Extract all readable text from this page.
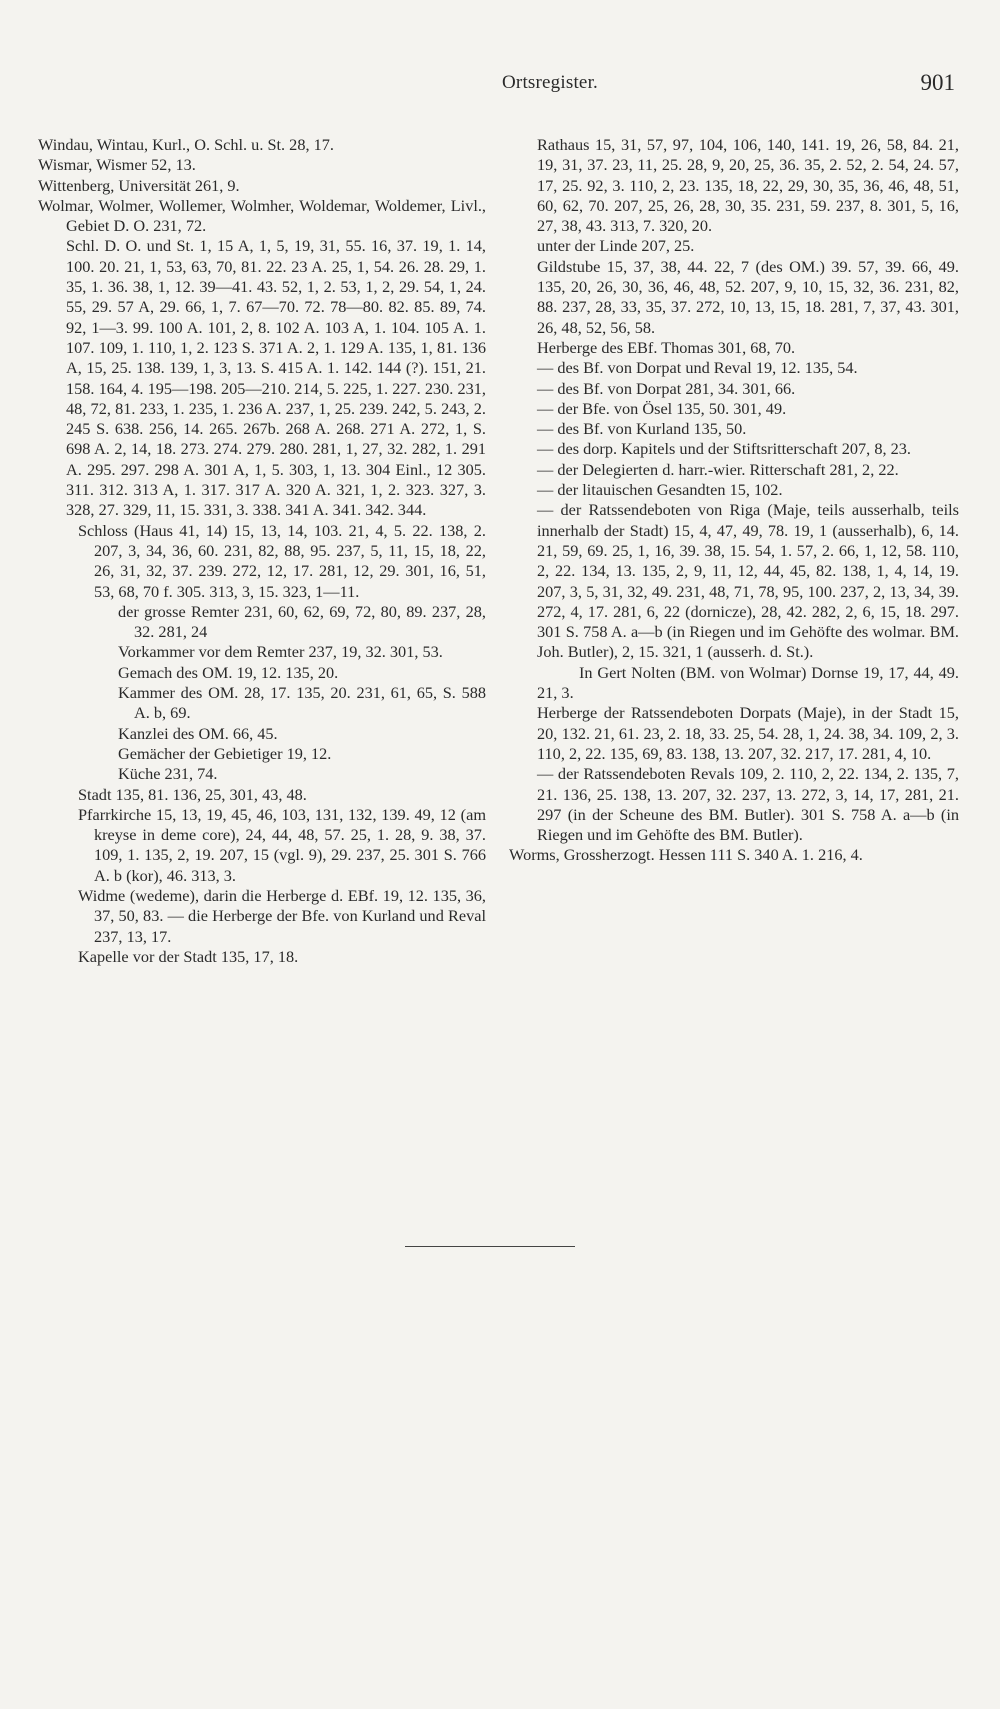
Ortsregister.	901

Windau, Wintau, Kurl., O. Schl. u. St. 28, 17.

Wismar, Wismer 52, 13.

Wittenberg, Universität 261, 9.

Wolmar, Wolmer, Wollemer, Wolmher, Woldemar, Woldemer, Livl., Gebiet D. O. 231, 72.

Schl. D. O. und St. 1, 15 A, 1, 5, 19, 31, 55. 16, 37. 19, 1. 14, 100. 20. 21, 1, 53, 63, 70, 81. 22. 23 A. 25, 1, 54. 26. 28. 29, 1. 35, 1. 36. 38, 1, 12. 39—41. 43. 52, 1, 2. 53, 1, 2, 29. 54, 1, 24. 55, 29. 57 A, 29. 66, 1, 7. 67—70. 72. 78—80. 82. 85. 89, 74. 92, 1—3. 99. 100 A. 101, 2, 8. 102 A. 103 A, 1. 104. 105 A. 1. 107. 109, 1. 110, 1, 2. 123 S. 371 A. 2, 1. 129 A. 135, 1, 81. 136 A, 15, 25. 138. 139, 1, 3, 13. S. 415 A. 1. 142. 144 (?). 151, 21. 158. 164, 4. 195—198. 205—210. 214, 5. 225, 1. 227. 230. 231, 48, 72, 81. 233, 1. 235, 1. 236 A. 237, 1, 25. 239. 242, 5. 243, 2. 245 S. 638. 256, 14. 265. 267b. 268 A. 268. 271 A. 272, 1, S. 698 A. 2, 14, 18. 273. 274. 279. 280. 281, 1, 27, 32. 282, 1. 291 A. 295. 297. 298 A. 301 A, 1, 5. 303, 1, 13. 304 Einl., 12 305. 311. 312. 313 A, 1. 317. 317 A. 320 A. 321, 1, 2. 323. 327, 3. 328, 27. 329, 11, 15. 331, 3. 338. 341 A. 341. 342. 344.

Schloss (Haus 41, 14) 15, 13, 14, 103. 21, 4, 5. 22. 138, 2. 207, 3, 34, 36, 60. 231, 82, 88, 95. 237, 5, 11, 15, 18, 22, 26, 31, 32, 37. 239. 272, 12, 17. 281, 12, 29. 301, 16, 51, 53, 68, 70 f. 305. 313, 3, 15. 323, 1—11.

der grosse Remter 231, 60, 62, 69, 72, 80, 89. 237, 28, 32. 281, 24

Vorkammer vor dem Remter 237, 19, 32. 301, 53.

Gemach des OM. 19, 12. 135, 20.

Kammer des OM. 28, 17. 135, 20. 231, 61, 65, S. 588 A. b, 69.

Kanzlei des OM. 66, 45.

Gemächer der Gebietiger 19, 12.

Küche 231, 74.

Stadt 135, 81. 136, 25, 301, 43, 48.

Pfarrkirche 15, 13, 19, 45, 46, 103, 131, 132, 139. 49, 12 (am kreyse in deme core), 24, 44, 48, 57. 25, 1. 28, 9. 38, 37. 109, 1. 135, 2, 19. 207, 15 (vgl. 9), 29. 237, 25. 301 S. 766 A. b (kor), 46. 313, 3.

Widme (wedeme), darin die Herberge d. EBf. 19, 12. 135, 36, 37, 50, 83. — die Herberge der Bfe. von Kurland und Reval 237, 13, 17.

Kapelle vor der Stadt 135, 17, 18.

Rathaus 15, 31, 57, 97, 104, 106, 140, 141. 19, 26, 58, 84. 21, 19, 31, 37. 23, 11, 25. 28, 9, 20, 25, 36. 35, 2. 52, 2. 54, 24. 57, 17, 25. 92, 3. 110, 2, 23. 135, 18, 22, 29, 30, 35, 36, 46, 48, 51, 60, 62, 70. 207, 25, 26, 28, 30, 35. 231, 59. 237, 8. 301, 5, 16, 27, 38, 43. 313, 7. 320, 20.

unter der Linde 207, 25.

Gildstube 15, 37, 38, 44. 22, 7 (des OM.) 39. 57, 39. 66, 49. 135, 20, 26, 30, 36, 46, 48, 52. 207, 9, 10, 15, 32, 36. 231, 82, 88. 237, 28, 33, 35, 37. 272, 10, 13, 15, 18. 281, 7, 37, 43. 301, 26, 48, 52, 56, 58.

Herberge des EBf. Thomas 301, 68, 70.

— des Bf. von Dorpat und Reval 19, 12. 135, 54.

— des Bf. von Dorpat 281, 34. 301, 66.

— der Bfe. von Ösel 135, 50. 301, 49.

— des Bf. von Kurland 135, 50.

— des dorp. Kapitels und der Stiftsritterschaft 207, 8, 23.

— der Delegierten d. harr.-wier. Ritterschaft 281, 2, 22.

— der litauischen Gesandten 15, 102.

— der Ratssendeboten von Riga (Maje, teils ausserhalb, teils innerhalb der Stadt) 15, 4, 47, 49, 78. 19, 1 (ausserhalb), 6, 14. 21, 59, 69. 25, 1, 16, 39. 38, 15. 54, 1. 57, 2. 66, 1, 12, 58. 110, 2, 22. 134, 13. 135, 2, 9, 11, 12, 44, 45, 82. 138, 1, 4, 14, 19. 207, 3, 5, 31, 32, 49. 231, 48, 71, 78, 95, 100. 237, 2, 13, 34, 39. 272, 4, 17. 281, 6, 22 (dornicze), 28, 42. 282, 2, 6, 15, 18. 297. 301 S. 758 A. a—b (in Riegen und im Gehöfte des wolmar. BM. Joh. Butler), 2, 15. 321, 1 (ausserh. d. St.).

In Gert Nolten (BM. von Wolmar) Dornse 19, 17, 44, 49. 21, 3.

Herberge der Ratssendeboten Dorpats (Maje), in der Stadt 15, 20, 132. 21, 61. 23, 2. 18, 33. 25, 54. 28, 1, 24. 38, 34. 109, 2, 3. 110, 2, 22. 135, 69, 83. 138, 13. 207, 32. 217, 17. 281, 4, 10.

— der Ratssendeboten Revals 109, 2. 110, 2, 22. 134, 2. 135, 7, 21. 136, 25. 138, 13. 207, 32. 237, 13. 272, 3, 14, 17, 281, 21. 297 (in der Scheune des BM. Butler). 301 S. 758 A. a—b (in Riegen und im Gehöfte des BM. Butler).

Worms, Grossherzogt. Hessen 111 S. 340 A. 1. 216, 4.
